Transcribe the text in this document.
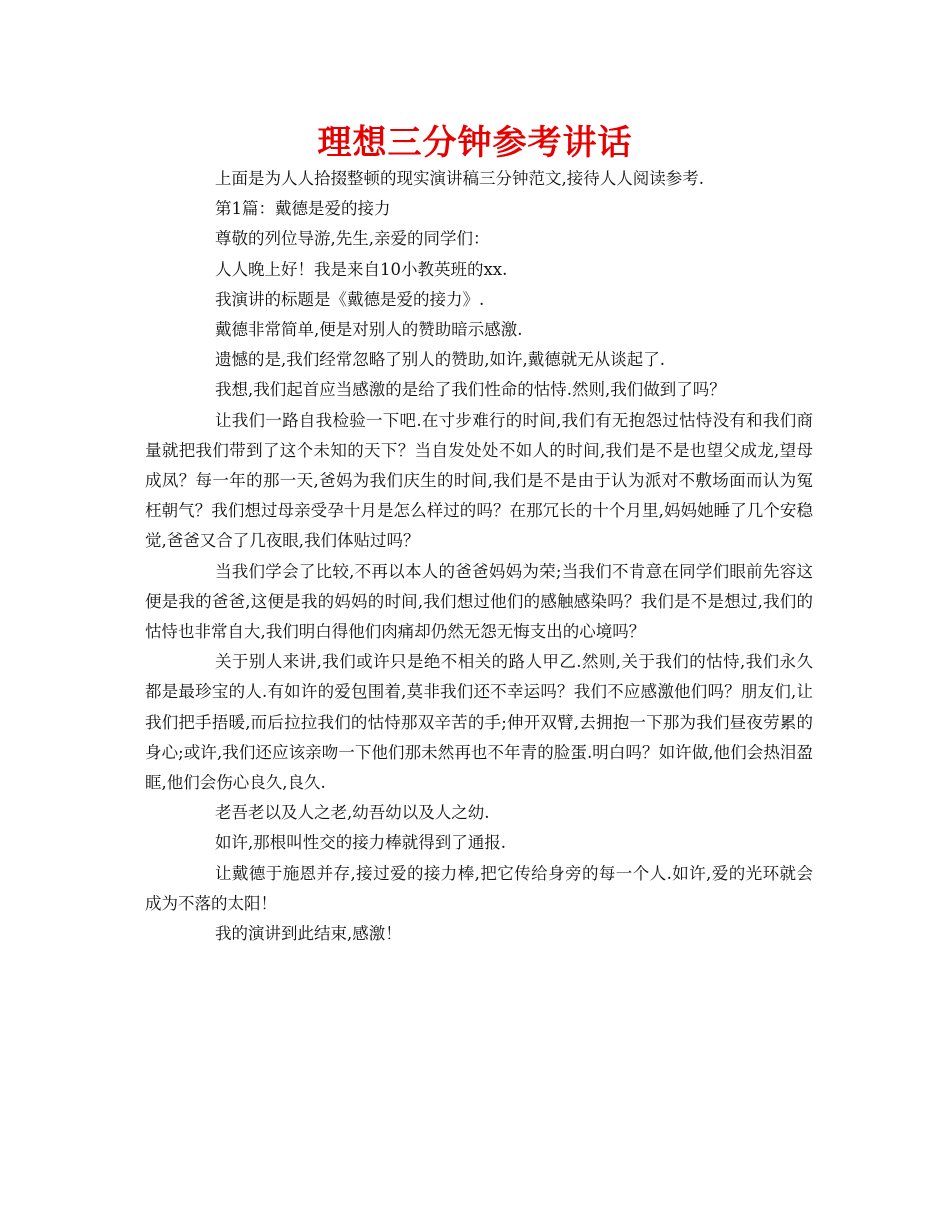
理想三分钟参考讲话

上面是为人人拾掇整顿的现实演讲稿三分钟范文,接待人人阅读参考.

第1篇：戴德是爱的接力

尊敬的列位导游,先生,亲爱的同学们：

人人晚上好！我是来自10小教英班的xx.

我演讲的标题是《戴德是爱的接力》.

戴德非常简单,便是对别人的赞助暗示感激.

遗憾的是,我们经常忽略了别人的赞助,如许,戴德就无从谈起了.

我想,我们起首应当感激的是给了我们性命的怙恃.然则,我们做到了吗？

让我们一路自我检验一下吧.在寸步难行的时间,我们有无抱怨过怙恃没有和我们商量就把我们带到了这个未知的天下？当自发处处不如人的时间,我们是不是也望父成龙,望母成凤？每一年的那一天,爸妈为我们庆生的时间,我们是不是由于认为派对不敷场面而认为冤枉朝气？我们想过母亲受孕十月是怎么样过的吗？在那冗长的十个月里,妈妈她睡了几个安稳觉,爸爸又合了几夜眼,我们体贴过吗？

当我们学会了比较,不再以本人的爸爸妈妈为荣;当我们不肯意在同学们眼前先容这便是我的爸爸,这便是我的妈妈的时间,我们想过他们的感触感染吗？我们是不是想过,我们的怙恃也非常自大,我们明白得他们肉痛却仍然无怨无悔支出的心境吗？

关于别人来讲,我们或许只是绝不相关的路人甲乙.然则,关于我们的怙恃,我们永久都是最珍宝的人.有如许的爱包围着,莫非我们还不幸运吗？我们不应感激他们吗？朋友们,让我们把手捂暖,而后拉拉我们的怙恃那双辛苦的手;伸开双臂,去拥抱一下那为我们昼夜劳累的身心;或许,我们还应该亲吻一下他们那未然再也不年青的脸蛋.明白吗？如许做,他们会热泪盈眶,他们会伤心良久,良久.

老吾老以及人之老,幼吾幼以及人之幼.

如许,那根叫性交的接力棒就得到了通报.

让戴德于施恩并存,接过爱的接力棒,把它传给身旁的每一个人.如许,爱的光环就会成为不落的太阳！

我的演讲到此结束,感激！
